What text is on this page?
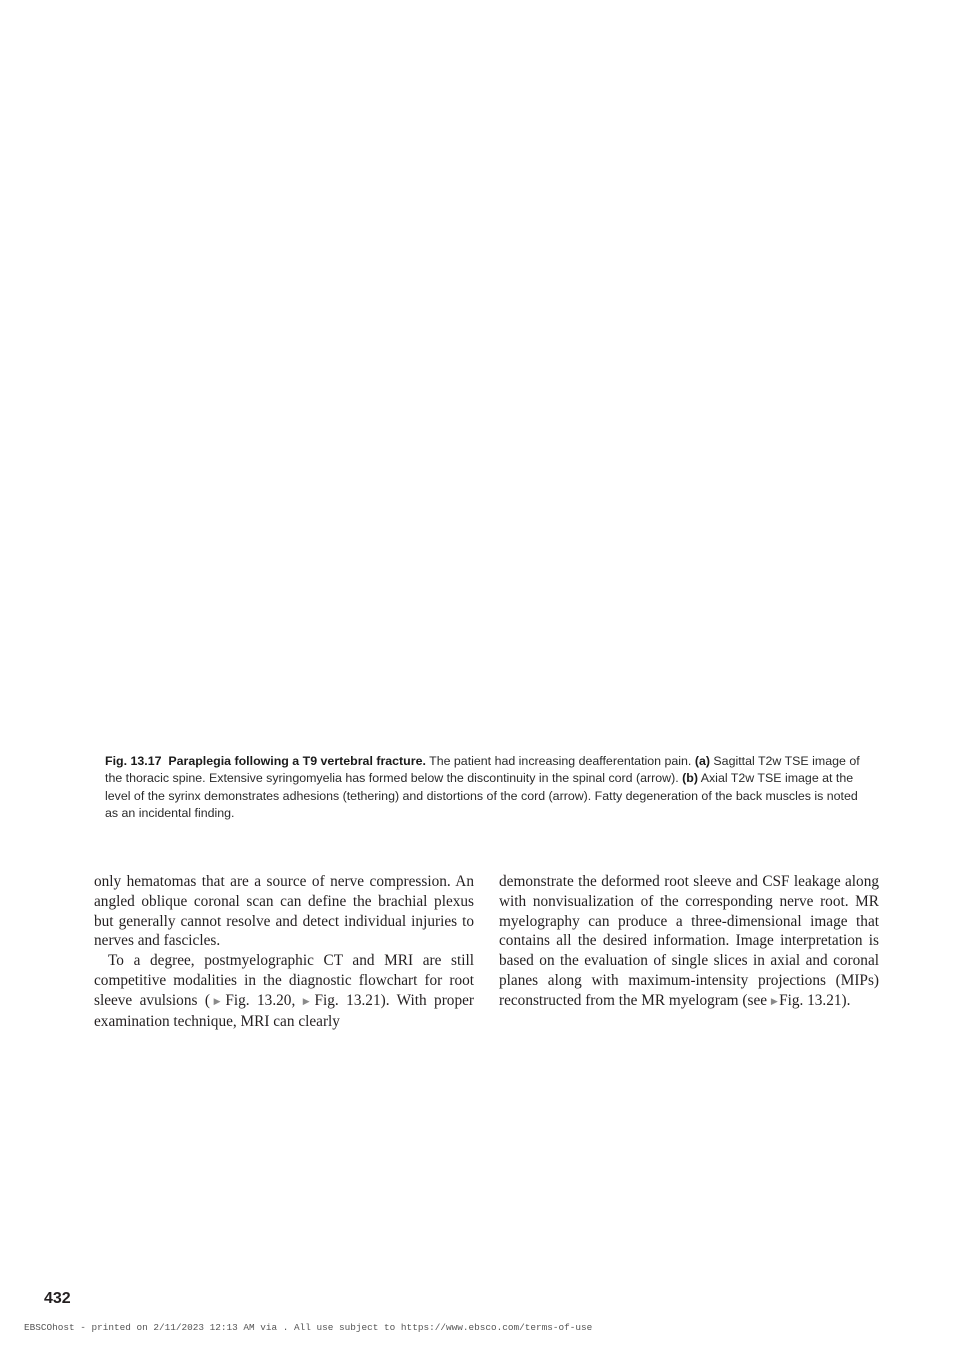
Fig. 13.17 Paraplegia following a T9 vertebral fracture. The patient had increasing deafferentation pain. (a) Sagittal T2w TSE image of the thoracic spine. Extensive syringomyelia has formed below the discontinuity in the spinal cord (arrow). (b) Axial T2w TSE image at the level of the syrinx demonstrates adhesions (tethering) and distortions of the cord (arrow). Fatty degeneration of the back muscles is noted as an incidental finding.

only hematomas that are a source of nerve compression. An angled oblique coronal scan can define the brachial plexus but generally cannot resolve and detect individual injuries to nerves and fascicles.

To a degree, postmyelographic CT and MRI are still competitive modalities in the diagnostic flowchart for root sleeve avulsions (▶ Fig. 13.20, ▶ Fig. 13.21). With proper examination technique, MRI can clearly

demonstrate the deformed root sleeve and CSF leakage along with nonvisualization of the corresponding nerve root. MR myelography can produce a three-dimensional image that contains all the desired information. Image interpretation is based on the evaluation of single slices in axial and coronal planes along with maximum-intensity projections (MIPs) reconstructed from the MR myelogram (see ▶ Fig. 13.21).

432
EBSCOhost - printed on 2/11/2023 12:13 AM via . All use subject to https://www.ebsco.com/terms-of-use
